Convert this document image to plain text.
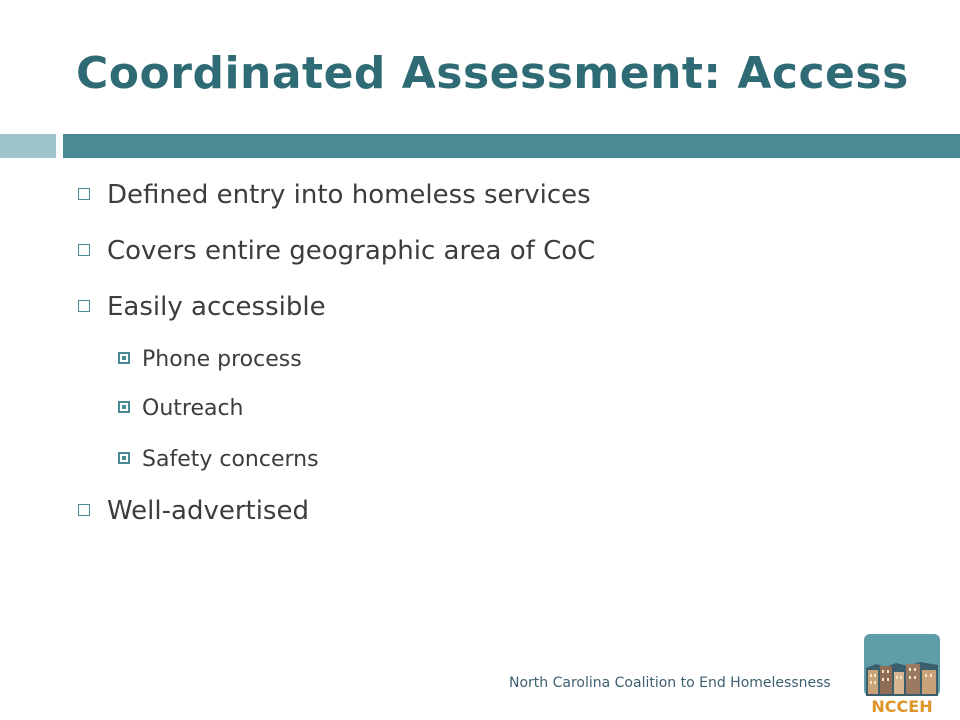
Coordinated Assessment: Access
Defined entry into homeless services
Covers entire geographic area of CoC
Easily accessible
Phone process
Outreach
Safety concerns
Well-advertised
North Carolina Coalition to End Homelessness
NCCEH
